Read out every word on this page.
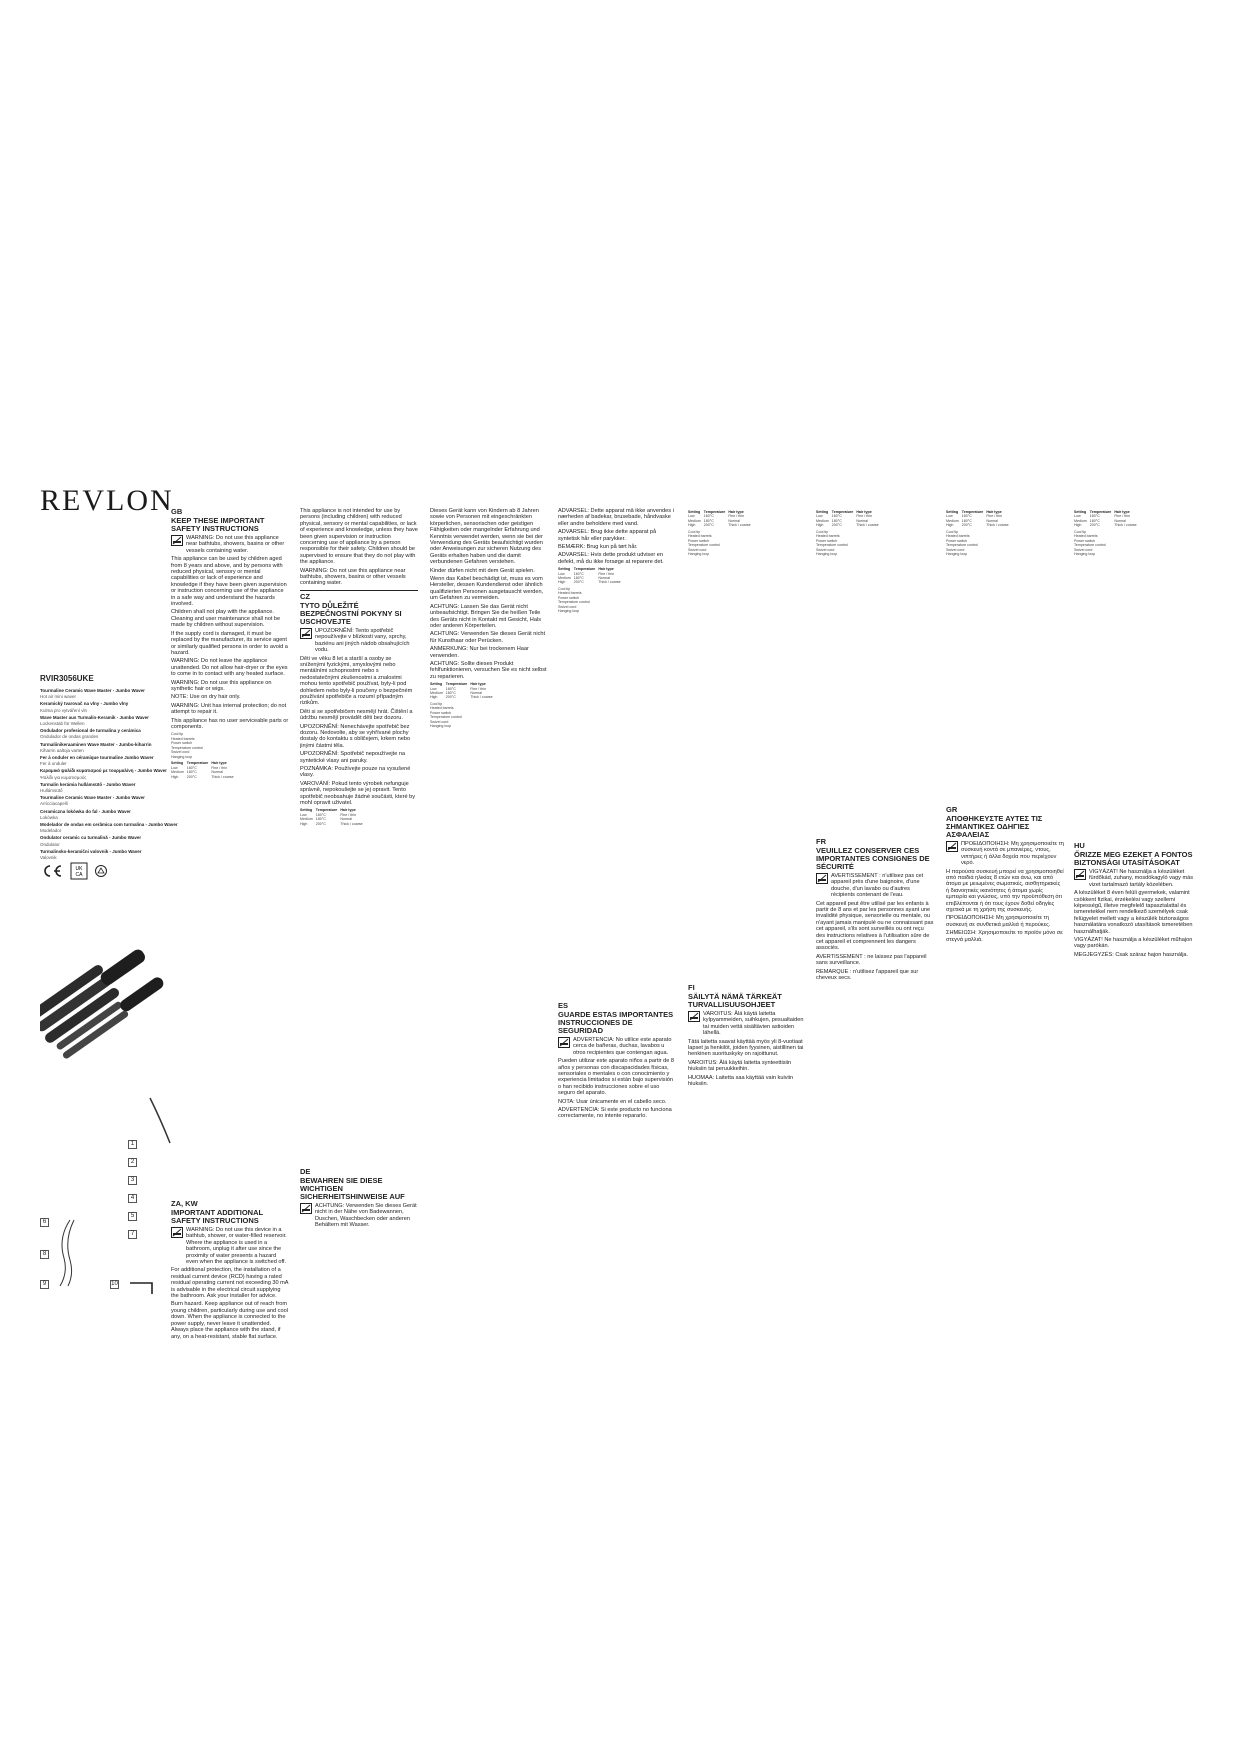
REVLON
RVIR3056UKE
Tourmaline Ceramic Wave Master - Jumbo Waver
Hot air mini waver
Keramický tvarovač na vlny - Jumbo vlny
Kulma pro vytváření vln
Wave Master aus Turmalin-Keramik - Jumbo Waver
Lockenstab für Wellen
Ondulador profesional de turmalina y cerámica
Ondulador de ondas grandes
Turmaliinikeraaminen Wave Master - Jumbo-kiharrin
Kiharrin aaltoja varten
Fer à onduler en céramique tourmaline Jumbo Waver
Fer à onduler
Κεραμικό ψαλίδι κυματισμού με τουρμαλίνη - Jumbo Waver
Ψαλίδι για κυματισμούς
Turmalin kerámia hullámsütő - Jumbo Waver
Hullámsütő
Tourmaline Ceramic Wave Master - Jumbo Waver
Arricciacapelli
Ceramiczna lokówka do fal - Jumbo Waver
Lokówka
Modelador de ondas em cerâmica com turmalina - Jumbo Waver
Modelador
Ondulator ceramic cu turmalină - Jumbo Waver
Ondulator
Turmalinsko-keramični valovnik - Jumbo Waver
Valovnik
UK
CA
1
2
3
4
5
6
7
8
9	10
GB
KEEP THESE IMPORTANT SAFETY INSTRUCTIONS

WARNING: Do not use this appliance near bathtubs, showers, basins or other vessels containing water.

This appliance can be used by children aged from 8 years and above, and by persons with reduced physical, sensory or mental capabilities or lack of experience and knowledge if they have been given supervision or instruction concerning use of the appliance in a safe way and understand the hazards involved.

Children shall not play with the appliance. Cleaning and user maintenance shall not be made by children without supervision.

If the supply cord is damaged, it must be replaced by the manufacturer, its service agent or similarly qualified persons in order to avoid a hazard.

WARNING: Do not leave the appliance unattended. Do not allow hair-dryer or the eyes to come in to contact with any heated surface.

WARNING: Do not use this appliance on synthetic hair or wigs.

NOTE: Use on dry hair only.

WARNING: Unit has internal protection; do not attempt to repair it.

This appliance has no user serviceable parts or components.

Cool tip
Heated barrels
Power switch
Temperature control
Swivel cord
Hanging loop
Setting	Temperature	Hair type
Low	160°C	Fine / thin
Medium	180°C	Normal
High	200°C	Thick / coarse
ZA, KW
IMPORTANT ADDITIONAL SAFETY INSTRUCTIONS

WARNING: Do not use this device in a bathtub, shower, or water-filled reservoir. Where the appliance is used in a bathroom, unplug it after use since the proximity of water presents a hazard even when the appliance is switched off.

For additional protection, the installation of a residual current device (RCD) having a rated residual operating current not exceeding 30 mA is advisable in the electrical circuit supplying the bathroom. Ask your installer for advice.

Burn hazard. Keep appliance out of reach from young children, particularly during use and cool down. When the appliance is connected to the power supply, never leave it unattended. Always place the appliance with the stand, if any, on a heat-resistant, stable flat surface.

This appliance is not intended for use by persons (including children) with reduced physical, sensory or mental capabilities, or lack of experience and knowledge, unless they have been given supervision or instruction concerning use of appliance by a person responsible for their safety. Children should be supervised to ensure that they do not play with the appliance.

WARNING: Do not use this appliance near bathtubs, showers, basins or other vessels containing water.

CZ
TYTO DŮLEŽITÉ BEZPEČNOSTNÍ POKYNY SI USCHOVEJTE

UPOZORNĚNÍ: Tento spotřebič nepoužívejte v blízkosti vany, sprchy, baziénu ani jiných nádob obsahujících vodu.

Děti ve věku 8 let a starší a osoby se sníženými fyzickými, smyslovými nebo mentálními schopnostmi nebo s nedostatečnými zkušenostmi a znalostmi mohou tento spotřebič používat, byly-li pod dohledem nebo byly-li poučeny o bezpečném používání spotřebiče a rozumí případným rizikům.

Děti si se spotřebičem nesmějí hrát. Čištění a údržbu nesmějí provádět děti bez dozoru.

UPOZORNĚNÍ: Nenechávejte spotřebič bez dozoru. Nedovolte, aby se vyhřívané plochy dostaly do kontaktu s obličejem, krkem nebo jinými částmi těla.

UPOZORNĚNÍ: Spotřebič nepoužívejte na syntetické vlasy ani paruky.

POZNÁMKA: Používejte pouze na vysušené vlasy.

VAROVÁNÍ: Pokud tento výrobek nefunguje správně, nepokoušejte se jej opravit. Tento spotřebič neobsahuje žádné součásti, které by mohl opravit uživatel.

Setting	Temperature	Hair type
Low	160°C	Fine / thin
Medium	180°C	Normal
High	200°C	Thick / coarse
DE
BEWAHREN SIE DIESE WICHTIGEN SICHERHEITSHINWEISE AUF

ACHTUNG: Verwenden Sie dieses Gerät nicht in der Nähe von Badewannen, Duschen, Waschbecken oder anderen Behältern mit Wasser.

Dieses Gerät kann von Kindern ab 8 Jahren sowie von Personen mit eingeschränkten körperlichen, sensorischen oder geistigen Fähigkeiten oder mangelnder Erfahrung und Kenntnis verwendet werden, wenn sie bei der Verwendung des Geräts beaufsichtigt wurden oder Anweisungen zur sicheren Nutzung des Geräts erhalten haben und die damit verbundenen Gefahren verstehen.

Kinder dürfen nicht mit dem Gerät spielen.

Wenn das Kabel beschädigt ist, muss es vom Hersteller, dessen Kundendienst oder ähnlich qualifizierten Personen ausgetauscht werden, um Gefahren zu vermeiden.

ACHTUNG: Lassen Sie das Gerät nicht unbeaufsichtigt. Bringen Sie die heißen Teile des Geräts nicht in Kontakt mit Gesicht, Hals oder anderen Körperteilen.

ACHTUNG: Verwenden Sie dieses Gerät nicht für Kunsthaar oder Perücken.

ANMERKUNG: Nur bei trockenem Haar verwenden.

ACHTUNG: Sollte dieses Produkt fehlfunktionieren, versuchen Sie es nicht selbst zu reparieren.

Setting	Temperature	Hair type
Low	160°C	Fine / thin
Medium	180°C	Normal
High	200°C	Thick / coarse
Cool tip
Heated barrels
Power switch
Temperature control
Swivel cord
Hanging loop

ADVARSEL: Dette apparat må ikke anvendes i nærheden af badekar, brusebade, håndvaske eller andre beholdere med vand.

ADVARSEL: Brug ikke dette apparat på syntetisk hår eller parykker.

BEMÆRK: Brug kun på tørt hår.

ADVARSEL: Hvis dette produkt udviser en defekt, må du ikke forsøge at reparere det.

Setting	Temperature	Hair type
Low	160°C	Fine / thin
Medium	180°C	Normal
High	200°C	Thick / coarse
Cool tip
Heated barrels
Power switch
Temperature control
Swivel cord
Hanging loop
ES
GUARDE ESTAS IMPORTANTES INSTRUCCIONES DE SEGURIDAD

ADVERTENCIA: No utilice este aparato cerca de bañeras, duchas, lavabos u otros recipientes que contengan agua.

Pueden utilizar este aparato niños a partir de 8 años y personas con discapacidades físicas, sensoriales o mentales o con conocimiento y experiencia limitados si están bajo supervisión o han recibido instrucciones sobre el uso seguro del aparato.

NOTA: Usar únicamente en el cabello seco.

ADVERTENCIA: Si este producto no funciona correctamente, no intente repararlo.

Setting	Temperature	Hair type
Low	160°C	Fine / thin
Medium	180°C	Normal
High	200°C	Thick / coarse
Cool tip
Heated barrels
Power switch
Temperature control
Swivel cord
Hanging loop
FI
SÄILYTÄ NÄMÄ TÄRKEÄT TURVALLISUUSOHJEET

VAROITUS: Älä käytä laitetta kylpyammeiden, suihkujen, pesualtaiden tai muiden vettä sisältävien astioiden lähellä.

Tätä laitetta saavat käyttää myös yli 8-vuotiaat lapset ja henkilöt, joiden fyysinen, aistillinen tai henkinen suorituskyky on rajoittunut.

VAROITUS: Älä käytä laitetta synteettisiin hiuksiin tai peruukkeihin.

HUOMAA: Laitetta saa käyttää vain kuiviin hiuksiin.

Setting	Temperature	Hair type
Low	160°C	Fine / thin
Medium	180°C	Normal
High	200°C	Thick / coarse
Cool tip
Heated barrels
Power switch
Temperature control
Swivel cord
Hanging loop
FR
VEUILLEZ CONSERVER CES IMPORTANTES CONSIGNES DE SÉCURITÉ

AVERTISSEMENT : n'utilisez pas cet appareil près d'une baignoire, d'une douche, d'un lavabo ou d'autres récipients contenant de l'eau.

Cet appareil peut être utilisé par les enfants à partir de 8 ans et par les personnes ayant une invalidité physique, sensorielle ou mentale, ou n'ayant jamais manipulé ou ne connaissant pas cet appareil, s'ils sont surveillés ou ont reçu des instructions relatives à l'utilisation sûre de cet appareil et comprennent les dangers associés.

AVERTISSEMENT : ne laissez pas l'appareil sans surveillance.

REMARQUE : n'utilisez l'appareil que sur cheveux secs.

Setting	Temperature	Hair type
Low	160°C	Fine / thin
Medium	180°C	Normal
High	200°C	Thick / coarse
Cool tip
Heated barrels
Power switch
Temperature control
Swivel cord
Hanging loop
GR
ΑΠΟΘΗΚΕΥΣΤΕ ΑΥΤΕΣ ΤΙΣ ΣΗΜΑΝΤΙΚΕΣ ΟΔΗΓΙΕΣ ΑΣΦΑΛΕΙΑΣ

ΠΡΟΕΙΔΟΠΟΙΗΣΗ: Μη χρησιμοποιείτε τη συσκευή κοντά σε μπανιέρες, ντους, νιπτήρες ή άλλα δοχεία που περιέχουν νερό.

Η παρούσα συσκευή μπορεί να χρησιμοποιηθεί από παιδιά ηλικίας 8 ετών και άνω, και από άτομα με μειωμένες σωματικές, αισθητηριακές ή διανοητικές ικανότητες ή άτομα χωρίς εμπειρία και γνώσεις, υπό την προϋπόθεση ότι επιβλέπονται ή ότι τους έχουν δοθεί οδηγίες σχετικά με τη χρήση της συσκευής.

ΠΡΟΕΙΔΟΠΟΙΗΣΗ: Μη χρησιμοποιείτε τη συσκευή σε συνθετικά μαλλιά ή περούκες.

ΣΗΜΕΙΩΣΗ: Χρησιμοποιείτε το προϊόν μόνο σε στεγνά μαλλιά.

Setting	Temperature	Hair type
Low	160°C	Fine / thin
Medium	180°C	Normal
High	200°C	Thick / coarse
Cool tip
Heated barrels
Power switch
Temperature control
Swivel cord
Hanging loop
HU
ŐRIZZE MEG EZEKET A FONTOS BIZTONSÁGI UTASÍTÁSOKAT

VIGYÁZAT! Ne használja a készüléket fürdőkád, zuhany, mosdókagyló vagy más vizet tartalmazó tartály közelében.

A készüléket 8 éven felüli gyermekek, valamint csökkent fizikai, érzékelési vagy szellemi képességű, illetve megfelelő tapasztalattal és ismeretekkel nem rendelkező személyek csak felügyelet mellett vagy a készülék biztonságos használatára vonatkozó utasítások ismeretében használhatják.

VIGYÁZAT! Ne használja a készüléket műhajon vagy parókán.

MEGJEGYZÉS: Csak száraz hajon használja.
